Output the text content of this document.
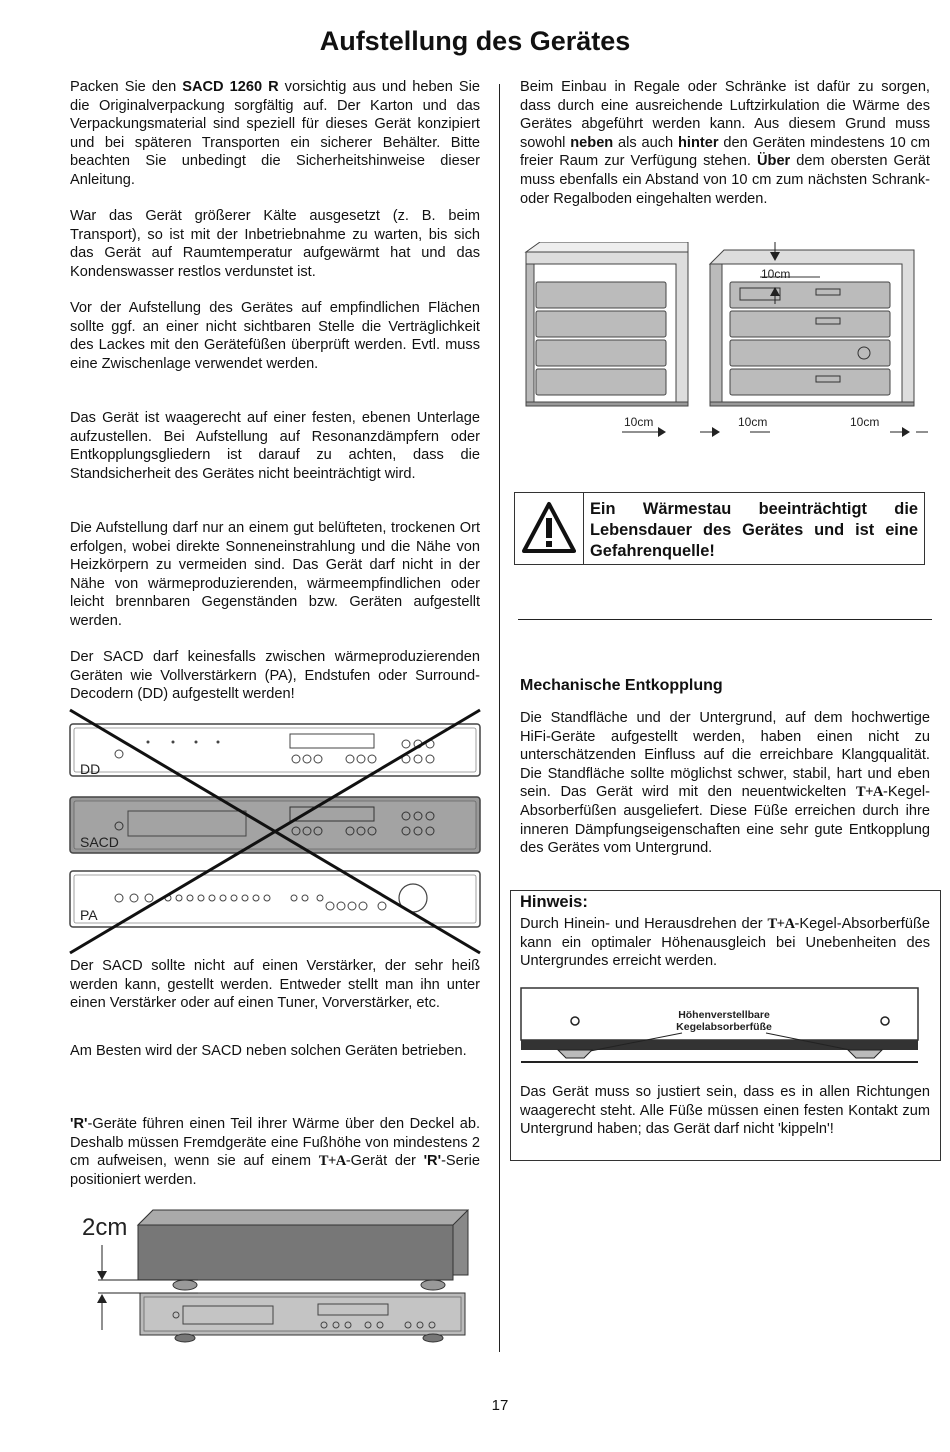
Aufstellung des Gerätes

Packen Sie den SACD 1260 R vorsichtig aus und heben Sie die Originalverpackung sorgfältig auf. Der Karton und das Verpackungsmaterial sind speziell für dieses Gerät konzipiert und bei späteren Transporten ein sicherer Behälter. Bitte beachten Sie unbedingt die Sicherheitshinweise dieser Anleitung.

War das Gerät größerer Kälte ausgesetzt (z. B. beim Transport), so ist mit der Inbetriebnahme zu warten, bis sich das Gerät auf Raumtemperatur aufgewärmt hat und das Kondenswasser restlos verdunstet ist.

Vor der Aufstellung des Gerätes auf empfindlichen Flächen sollte ggf. an einer nicht sichtbaren Stelle die Verträglichkeit des Lackes mit den Gerätefüßen überprüft werden. Evtl. muss eine Zwischenlage verwendet werden.

Das Gerät ist waagerecht auf einer festen, ebenen Unterlage aufzustellen. Bei Aufstellung auf Resonanzdämpfern oder Entkopplungsgliedern ist darauf zu achten, dass die Standsicherheit des Gerätes nicht beeinträchtigt wird.

Die Aufstellung darf nur an einem gut belüfteten, trockenen Ort erfolgen, wobei direkte Sonneneinstrahlung und die Nähe von Heizkörpern zu vermeiden sind. Das Gerät darf nicht in der Nähe von wärmeproduzierenden, wärmeempfindlichen oder leicht brennbaren Gegenständen bzw. Geräten aufgestellt werden.

Der SACD darf keinesfalls zwischen wärmeproduzierenden Geräten wie Vollverstärkern (PA), Endstufen oder Surround-Decodern (DD) aufgestellt werden!

DD
SACD
PA

Der SACD sollte nicht auf einen Verstärker, der sehr heiß werden kann, gestellt werden. Entweder stellt man ihn unter einen Verstärker oder auf einen Tuner, Vorverstärker, etc.

Am Besten wird der SACD neben solchen Geräten betrieben.

'R'-Geräte führen einen Teil ihrer Wärme über den Deckel ab. Deshalb müssen Fremdgeräte eine Fußhöhe von mindestens 2 cm aufweisen, wenn sie auf einem T+A-Gerät der 'R'-Serie positioniert werden.

2cm

Beim Einbau in Regale oder Schränke ist dafür zu sorgen, dass durch eine ausreichende Luftzirkulation die Wärme des Gerätes abgeführt werden kann. Aus diesem Grund muss sowohl neben als auch hinter den Geräten mindestens 10 cm freier Raum zur Verfügung stehen. Über dem obersten Gerät muss ebenfalls ein Abstand von 10 cm zum nächsten Schrank- oder Regalboden eingehalten werden.

10cm
10cm	10cm	10cm
Ein Wärmestau beeinträchtigt die Lebensdauer des Gerätes und ist eine Gefahrenquelle!
Mechanische Entkopplung

Die Standfläche und der Untergrund, auf dem hochwertige HiFi-Geräte aufgestellt werden, haben einen nicht zu unterschätzenden Einfluss auf die erreichbare Klangqualität. Die Standfläche sollte möglichst schwer, stabil, hart und eben sein. Das Gerät wird mit den neuentwickelten T+A-Kegel-Absorberfüßen ausgeliefert. Diese Füße erreichen durch ihre inneren Dämpfungseigenschaften eine sehr gute Entkopplung des Gerätes vom Untergrund.

Hinweis:

Durch Hinein- und Herausdrehen der T+A-Kegel-Absorberfüße kann ein optimaler Höhenausgleich bei Unebenheiten des Untergrundes erreicht werden.

Höhenverstellbare
Kegelabsorberfüße

Das Gerät muss so justiert sein, dass es in allen Richtungen waagerecht steht. Alle Füße müssen einen festen Kontakt zum Untergrund haben; das Gerät darf nicht 'kippeln'!

17
